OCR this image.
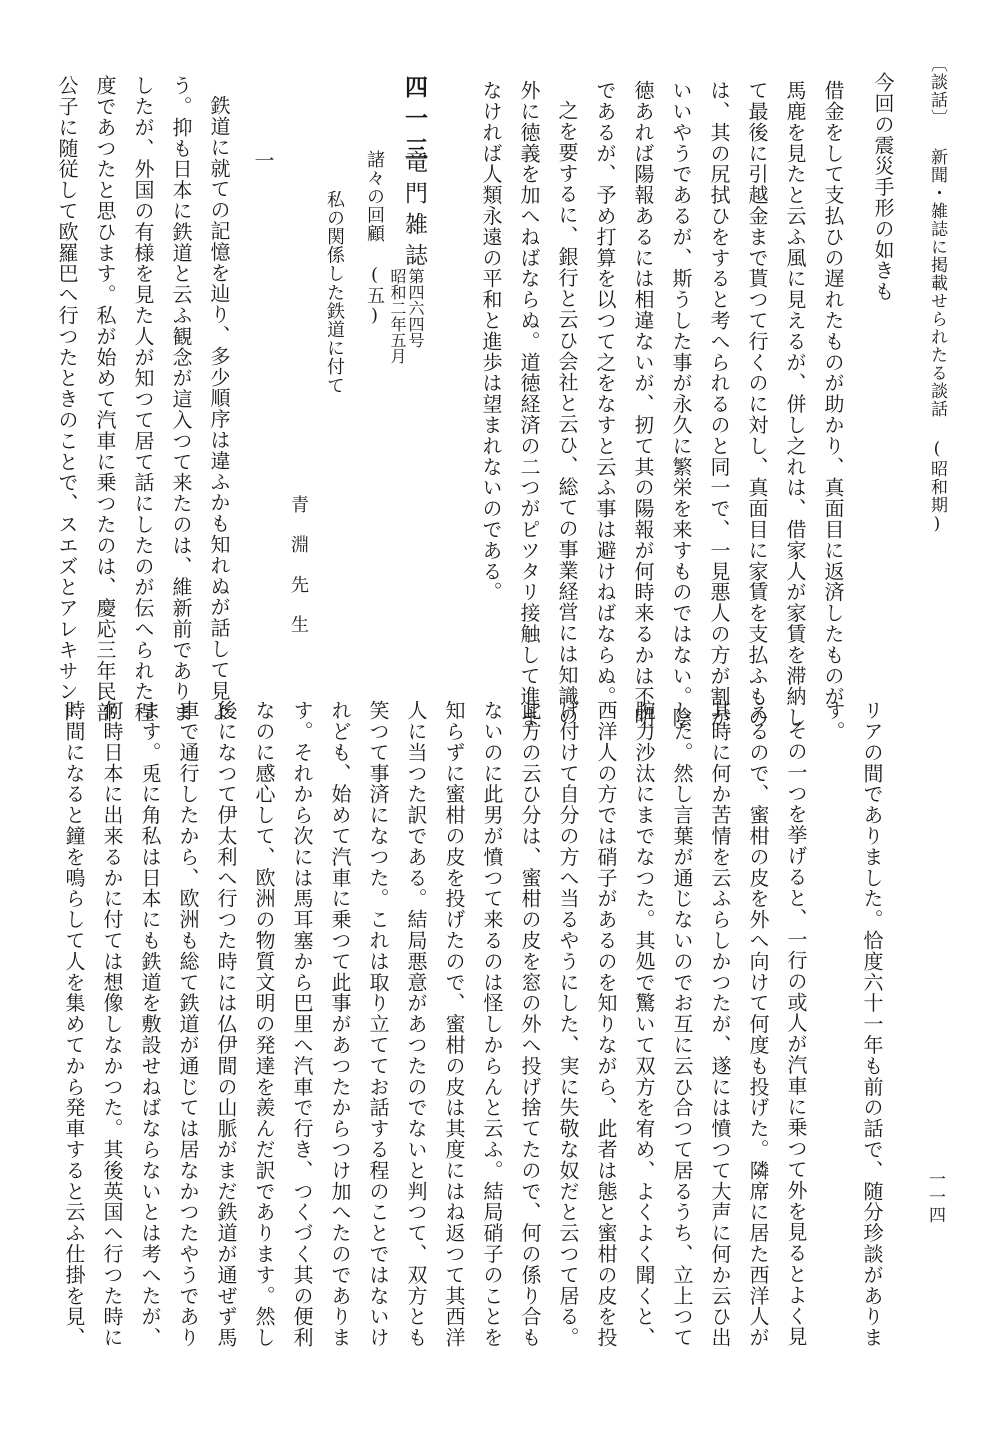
〔談話〕 新聞・雑誌に掲載せられたる談話 (昭和期)
一一四
今回の震災手形の如きも
借金をして支払ひの遅れたものが助かり、真面目に返済したものが
馬鹿を見たと云ふ風に見えるが、併し之れは、借家人が家賃を滞納し
て最後に引越金まで貰つて行くのに対し、真面目に家賃を支払ふもの
は、其の尻拭ひをすると考へられるのと同一で、一見悪人の方が割が
いいやうであるが、斯うした事が永久に繁栄を来すものではない。陰
徳あれば陽報あるには相違ないが、扨て其の陽報が何時来るかは不明
であるが、予め打算を以つて之をなすと云ふ事は避けねばならぬ。
之を要するに、銀行と云ひ会社と云ひ、総ての事業経営には知識の
外に徳義を加へねばならぬ。道徳経済の二つがピツタリ接触して進ま
なければ人類永遠の平和と進歩は望まれないのである。
四一三
竜門雑誌
第四六四号
昭和二年五月
諸々の回顧 (五)
私の関係した鉄道に付て
青淵先生
一
鉄道に就ての記憶を辿り、多少順序は違ふかも知れぬが話して見よ
う。抑も日本に鉄道と云ふ観念が這入つて来たのは、維新前でありま
したが、外国の有様を見た人が知つて居て話にしたのが伝へられた程
度であつたと思ひます。私が始めて汽車に乗つたのは、慶応三年民部
公子に随従して欧羅巴へ行つたときのことで、スエズとアレキサンド
リアの間でありました。恰度六十一年も前の話で、随分珍談がありま
す。
その一つを挙げると、一行の或人が汽車に乗つて外を見るとよく見
えるので、蜜柑の皮を外へ向けて何度も投げた。隣席に居た西洋人が
其時に何か苦情を云ふらしかつたが、遂には憤つて大声に何か云ひ出
した。然し言葉が通じないのでお互に云ひ合つて居るうち、立上つて
腕力沙汰にまでなつた。其処で驚いて双方を宥め、よくよく聞くと、
西洋人の方では硝子があるのを知りながら、此者は態と蜜柑の皮を投
げ付けて自分の方へ当るやうにした、実に失敬な奴だと云つて居る。
此方の云ひ分は、蜜柑の皮を窓の外へ投げ捨てたので、何の係り合も
ないのに此男が憤つて来るのは怪しからんと云ふ。結局硝子のことを
知らずに蜜柑の皮を投げたので、蜜柑の皮は其度にはね返つて其西洋
人に当つた訳である。結局悪意があつたのでないと判つて、双方とも
笑つて事済になつた。これは取り立ててお話する程のことではないけ
れども、始めて汽車に乗つて此事があつたからつけ加へたのでありま
す。それから次には馬耳塞から巴里へ汽車で行き、つくづく其の便利
なのに感心して、欧洲の物質文明の発達を羨んだ訳であります。然し
後になつて伊太利へ行つた時には仏伊間の山脈がまだ鉄道が通ぜず馬
車で通行したから、欧洲も総て鉄道が通じては居なかつたやうであり
ます。兎に角私は日本にも鉄道を敷設せねばならないとは考へたが、
何時日本に出来るかに付ては想像しなかつた。其後英国へ行つた時に
時間になると鐘を鳴らして人を集めてから発車すると云ふ仕掛を見、
